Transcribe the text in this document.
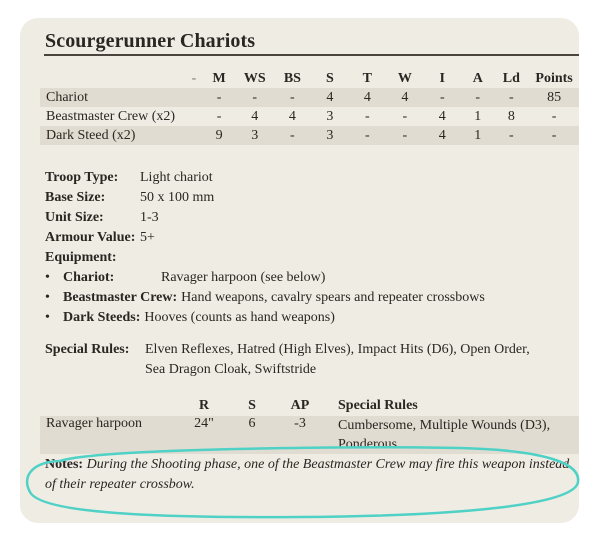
Scourgerunner Chariots
-	M	WS	BS	S	T	W	I	A	Ld	Points
Chariot	-	-	-	4	4	4	-	-	-	85
Beastmaster Crew (x2)	-	4	4	3	-	-	4	1	8	-
Dark Steed (x2)	9	3	-	3	-	-	4	1	-	-
Troop Type:	Light chariot
Base Size:	50 x 100 mm
Unit Size:	1-3
Armour Value: 5+
Equipment:
• Chariot:	Ravager harpoon (see below)
• Beastmaster Crew: Hand weapons, cavalry spears and repeater crossbows
• Dark Steeds: Hooves (counts as hand weapons)
Special Rules:	Elven Reflexes, Hatred (High Elves), Impact Hits (D6), Open Order,
Sea Dragon Cloak, Swiftstride
	R	S	AP	Special Rules
Ravager harpoon	24"	6	-3	Cumbersome, Multiple Wounds (D3),
Ponderous
Notes: During the Shooting phase, one of the Beastmaster Crew may fire this weapon instead of their repeater crossbow.
